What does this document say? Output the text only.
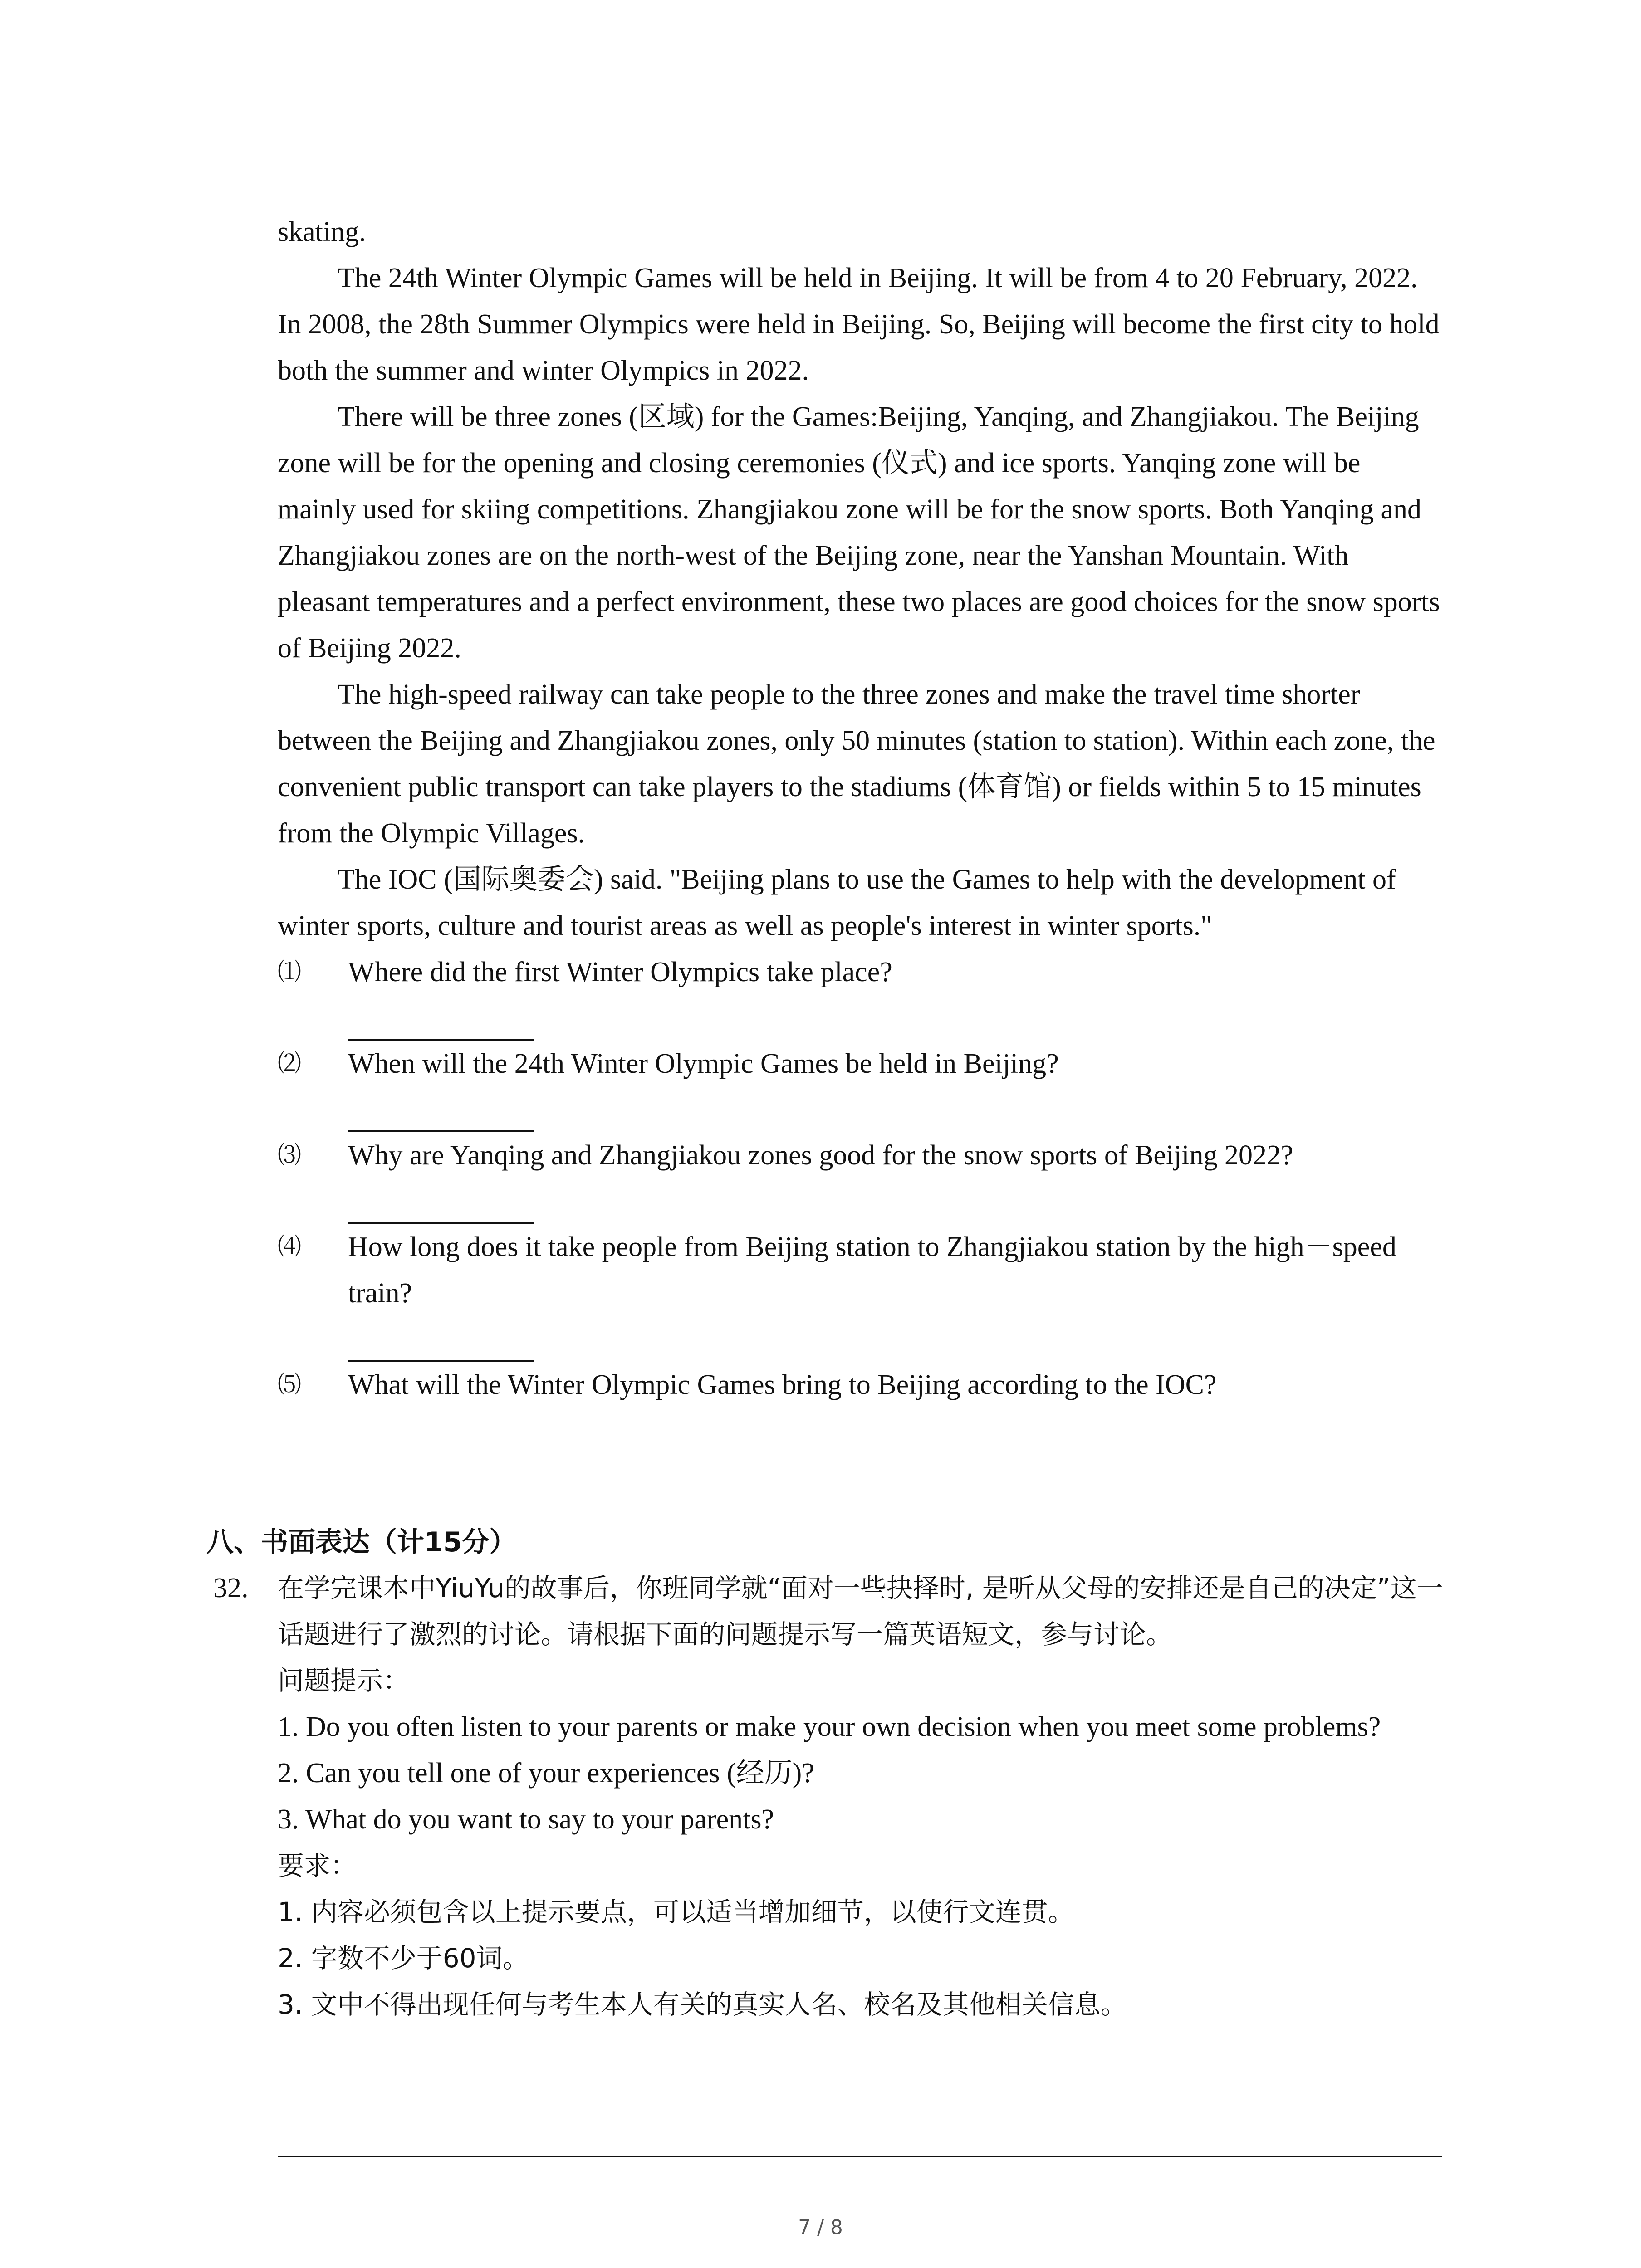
skating.

The 24th Winter Olympic Games will be held in Beijing. It will be from 4 to 20 February, 2022. In 2008, the 28th Summer Olympics were held in Beijing. So, Beijing will become the first city to hold both the summer and winter Olympics in 2022.

There will be three zones (区域) for the Games:Beijing, Yanqing, and Zhangjiakou. The Beijing zone will be for the opening and closing ceremonies (仪式) and ice sports. Yanqing zone will be mainly used for skiing competitions. Zhangjiakou zone will be for the snow sports. Both Yanqing and Zhangjiakou zones are on the north-west of the Beijing zone, near the Yanshan Mountain. With pleasant temperatures and a perfect environment, these two places are good choices for the snow sports of Beijing 2022.

The high-speed railway can take people to the three zones and make the travel time shorter between the Beijing and Zhangjiakou zones, only 50 minutes (station to station). Within each zone, the convenient public transport can take players to the stadiums (体育馆) or fields within 5 to 15 minutes from the Olympic Villages.

The IOC (国际奥委会) said. "Beijing plans to use the Games to help with the development of winter sports, culture and tourist areas as well as people's interest in winter sports."

⑴ Where did the first Winter Olympics take place?

⑵ When will the 24th Winter Olympic Games be held in Beijing?

⑶ Why are Yanqing and Zhangjiakou zones good for the snow sports of Beijing 2022?

⑷ How long does it take people from Beijing station to Zhangjiakou station by the high－speed train?

⑸ What will the Winter Olympic Games bring to Beijing according to the IOC?

八、书面表达（计15分）

32. 在学完课本中YiuYu的故事后，你班同学就“面对一些抉择时, 是听从父母的安排还是自己的决定”这一话题进行了激烈的讨论。请根据下面的问题提示写一篇英语短文，参与讨论。

问题提示：

1. Do you often listen to your parents or make your own decision when you meet some problems?

2. Can you tell one of your experiences (经历)?

3. What do you want to say to your parents?

要求：

1. 内容必须包含以上提示要点，可以适当增加细节，以使行文连贯。

2. 字数不少于60词。

3. 文中不得出现任何与考生本人有关的真实人名、校名及其他相关信息。

7 / 8
